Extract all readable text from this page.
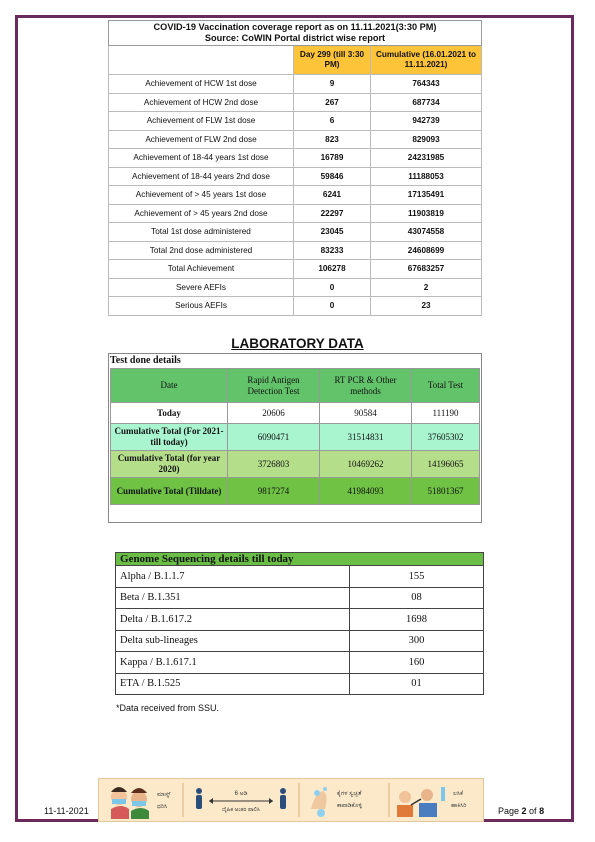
COVID-19 Vaccination coverage report as on 11.11.2021(3:30 PM)
Source: CoWIN Portal district wise report		
	Day 299 (till 3:30 PM)	Cumulative (16.01.2021 to 11.11.2021)
Achievement of HCW 1st dose	9	764343
Achievement of HCW 2nd dose	267	687734
Achievement of FLW 1st dose	6	942739
Achievement of FLW 2nd dose	823	829093
Achievement of 18-44 years 1st dose	16789	24231985
Achievement of 18-44 years 2nd dose	59846	11188053
Achievement of > 45 years 1st dose	6241	17135491
Achievement of > 45 years 2nd dose	22297	11903819
Total 1st dose administered	23045	43074558
Total 2nd dose administered	83233	24608699
Total Achievement	106278	67683257
Severe AEFIs	0	2
Serious AEFIs	0	23
LABORATORY DATA
Test done details
Date	Rapid Antigen Detection Test	RT PCR & Other methods	Total Test
Today	20606	90584	111190
Cumulative Total (For 2021- till today)	6090471	31514831	37605302
Cumulative Total (for year 2020)	3726803	10469262	14196065
Cumulative Total (Tilldate)	9817274	41984093	51801367
Genome Sequencing details till today	
Alpha / B.1.1.7	155
Beta / B.1.351	08
Delta / B.1.617.2	1698
Delta sub-lineages	300
Kappa / B.1.617.1	160
ETA / B.1.525	01
*Data received from SSU.
ಮಾಸ್ಕ್
ಧರಿಸಿ
6 ಅಡಿ
ದೈಹಿಕ ಅಂತರ ಪಾಲಿಸಿ
ಕೈಗಳ ಸ್ವಚ್ಛತೆ
ಕಾಪಾಡಿಕೊಳ್ಳಿ
ಲಸಿಕೆ
ಹಾಕಿಸಿರಿ
11-11-2021	Page 2 of 8
